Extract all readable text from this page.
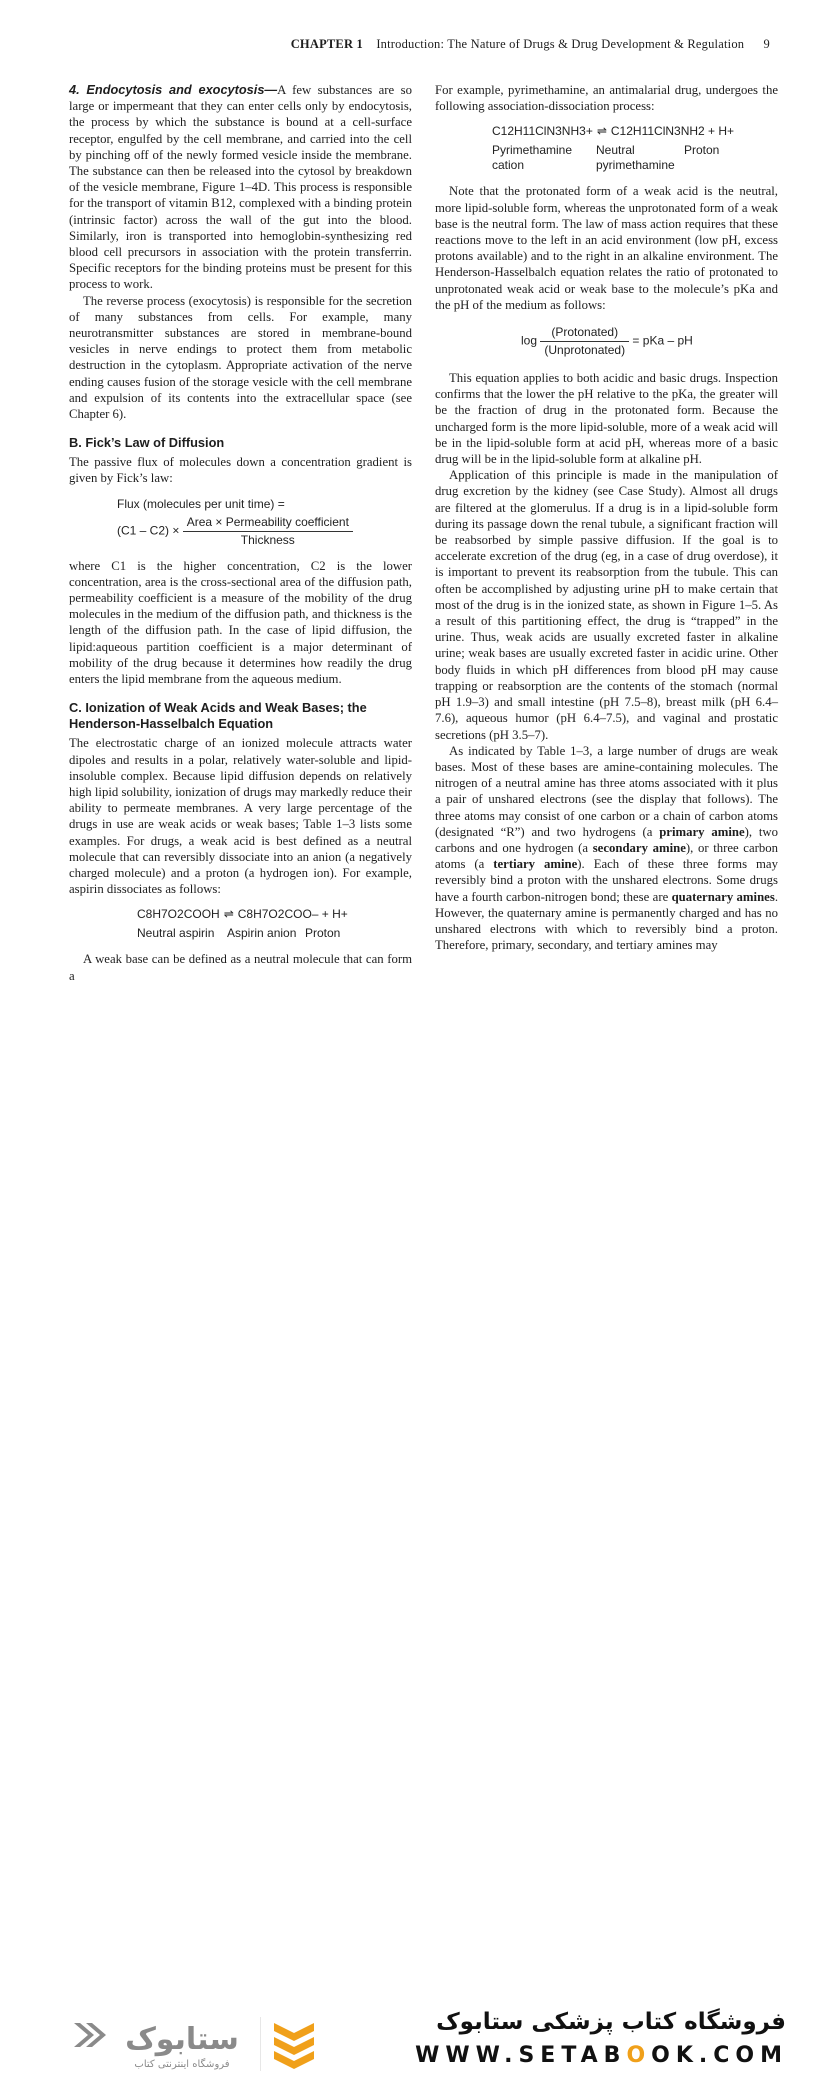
CHAPTER 1 Introduction: The Nature of Drugs & Drug Development & Regulation 9

4. Endocytosis and exocytosis—A few substances are so large or impermeant that they can enter cells only by endocytosis, the process by which the substance is bound at a cell-surface receptor, engulfed by the cell membrane, and carried into the cell by pinching off of the newly formed vesicle inside the membrane. The substance can then be released into the cytosol by breakdown of the vesicle membrane, Figure 1–4D. This process is responsible for the transport of vitamin B12, complexed with a binding protein (intrinsic factor) across the wall of the gut into the blood. Similarly, iron is transported into hemoglobin-synthesizing red blood cell precursors in association with the protein transferrin. Specific receptors for the binding proteins must be present for this process to work.

The reverse process (exocytosis) is responsible for the secretion of many substances from cells. For example, many neurotransmitter substances are stored in membrane-bound vesicles in nerve endings to protect them from metabolic destruction in the cytoplasm. Appropriate activation of the nerve ending causes fusion of the storage vesicle with the cell membrane and expulsion of its contents into the extracellular space (see Chapter 6).

B. Fick’s Law of Diffusion

The passive flux of molecules down a concentration gradient is given by Fick’s law:

Flux (molecules per unit time) =
$(C1 - C2) \times \frac{\text{Area × Permeability coefficient}}{\text{Thickness}}$

where C1 is the higher concentration, C2 is the lower concentration, area is the cross-sectional area of the diffusion path, permeability coefficient is a measure of the mobility of the drug molecules in the medium of the diffusion path, and thickness is the length of the diffusion path. In the case of lipid diffusion, the lipid:aqueous partition coefficient is a major determinant of mobility of the drug because it determines how readily the drug enters the lipid membrane from the aqueous medium.

C. Ionization of Weak Acids and Weak Bases; the Henderson-Hasselbalch Equation

The electrostatic charge of an ionized molecule attracts water dipoles and results in a polar, relatively water-soluble and lipid-insoluble complex. Because lipid diffusion depends on relatively high lipid solubility, ionization of drugs may markedly reduce their ability to permeate membranes. A very large percentage of the drugs in use are weak acids or weak bases; Table 1–3 lists some examples. For drugs, a weak acid is best defined as a neutral molecule that can reversibly dissociate into an anion (a negatively charged molecule) and a proton (a hydrogen ion). For example, aspirin dissociates as follows:

C8H7O2COOH ⇌ C8H7O2COO– + H+
Neutral aspirin	Aspirin anion Proton

A weak base can be defined as a neutral molecule that can form a

For example, pyrimethamine, an antimalarial drug, undergoes the following association-dissociation process:

C12H11ClN3NH3+ ⇌ C12H11ClN3NH2 + H+
Pyrimethamine cation
Neutral pyrimethamine
Proton

Note that the protonated form of a weak acid is the neutral, more lipid-soluble form, whereas the unprotonated form of a weak base is the neutral form. The law of mass action requires that these reactions move to the left in an acid environment (low pH, excess protons available) and to the right in an alkaline environment. The Henderson-Hasselbalch equation relates the ratio of protonated to unprotonated weak acid or weak base to the molecule’s pKa and the pH of the medium as follows:

$\log \frac{\text{(Protonated)}}{\text{(Unprotonated)}}$ = pKa – pH

This equation applies to both acidic and basic drugs. Inspection confirms that the lower the pH relative to the pKa, the greater will be the fraction of drug in the protonated form. Because the uncharged form is the more lipid-soluble, more of a weak acid will be in the lipid-soluble form at acid pH, whereas more of a basic drug will be in the lipid-soluble form at alkaline pH.

Application of this principle is made in the manipulation of drug excretion by the kidney (see Case Study). Almost all drugs are filtered at the glomerulus. If a drug is in a lipid-soluble form during its passage down the renal tubule, a significant fraction will be reabsorbed by simple passive diffusion. If the goal is to accelerate excretion of the drug (eg, in a case of drug overdose), it is important to prevent its reabsorption from the tubule. This can often be accomplished by adjusting urine pH to make certain that most of the drug is in the ionized state, as shown in Figure 1–5. As a result of this partitioning effect, the drug is “trapped” in the urine. Thus, weak acids are usually excreted faster in alkaline urine; weak bases are usually excreted faster in acidic urine. Other body fluids in which pH differences from blood pH may cause trapping or reabsorption are the contents of the stomach (normal pH 1.9–3) and small intestine (pH 7.5–8), breast milk (pH 6.4–7.6), aqueous humor (pH 6.4–7.5), and vaginal and prostatic secretions (pH 3.5–7).

As indicated by Table 1–3, a large number of drugs are weak bases. Most of these bases are amine-containing molecules. The nitrogen of a neutral amine has three atoms associated with it plus a pair of unshared electrons (see the display that follows). The three atoms may consist of one carbon or a chain of carbon atoms (designated “R”) and two hydrogens (a primary amine), two carbons and one hydrogen (a secondary amine), or three carbon atoms (a tertiary amine). Each of these three forms may reversibly bind a proton with the unshared electrons. Some drugs have a fourth carbon-nitrogen bond; these are quaternary amines. However, the quaternary amine is permanently charged and has no unshared electrons with which to reversibly bind a proton. Therefore, primary, secondary, and tertiary amines may

ستابوک
فروشگاه اینترنتی کتاب
فروشگاه کتاب پزشکی ستابوک
WWW.SETABOOK.COM
